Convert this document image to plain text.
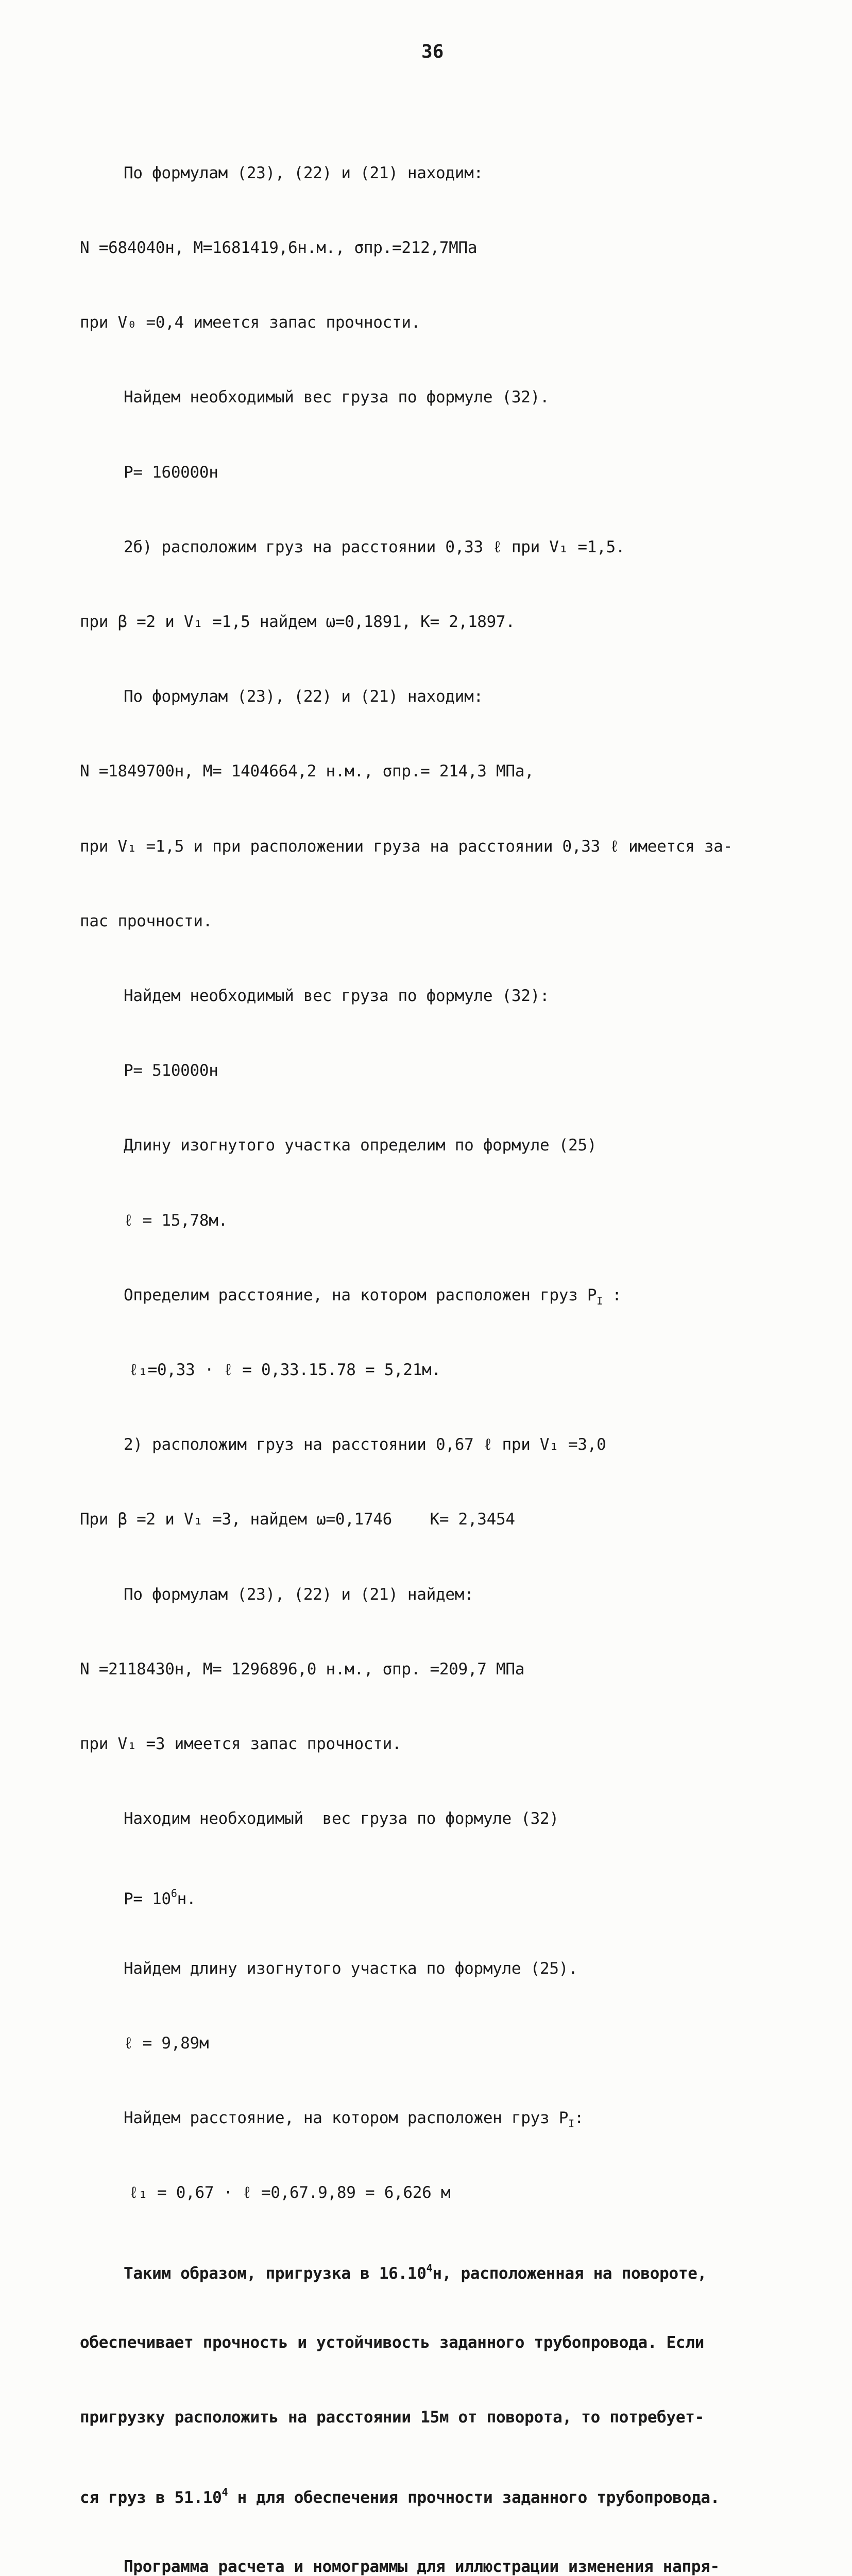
36

По формулам (23), (22) и (21) находим:

N =684040н, M=1681419,6н.м., σпр.=212,7МПа

при V₀ =0,4 имеется запас прочности.

Найдем необходимый вес груза по формуле (32).

P= 160000н

2б) расположим груз на расстоянии 0,33 ℓ при V₁ =1,5.

при β =2 и V₁ =1,5 найдем ω=0,1891, K= 2,1897.

По формулам (23), (22) и (21) находим:

N =1849700н, M= 1404664,2 н.м., σпр.= 214,3 МПа,

при V₁ =1,5 и при расположении груза на расстоянии 0,33 ℓ имеется за-

пас прочности.

Найдем необходимый вес груза по формуле (32):

P= 510000н

Длину изогнутого участка определим по формуле (25)

ℓ = 15,78м.

Определим расстояние, на котором расположен груз $P_I$ :

ℓ₁=0,33 · ℓ = 0,33.15.78 = 5,21м.

2) расположим груз на расстоянии 0,67 ℓ при V₁ =3,0

При β =2 и V₁ =3, найдем ω=0,1746    K= 2,3454

По формулам (23), (22) и (21) найдем:

N =2118430н, M= 1296896,0 н.м., σпр. =209,7 МПа

при V₁ =3 имеется запас прочности.

Находим необходимый  вес груза по формуле (32)

$P= 10^6н$.

Найдем длину изогнутого участка по формуле (25).

ℓ = 9,89м

Найдем расстояние, на котором расположен груз $P_I$:

ℓ₁ = 0,67 · ℓ =0,67.9,89 = 6,626 м

Таким образом, пригрузка в 16.10$^4$н, расположенная на повороте,

обеспечивает прочность и устойчивость заданного трубопровода. Если

пригрузку расположить на расстоянии 15м от поворота, то потребует-

ся груз в 51.10$^4$ н для обеспечения прочности заданного трубопровода.

Программа расчета и номограммы для иллюстрации изменения напря-
